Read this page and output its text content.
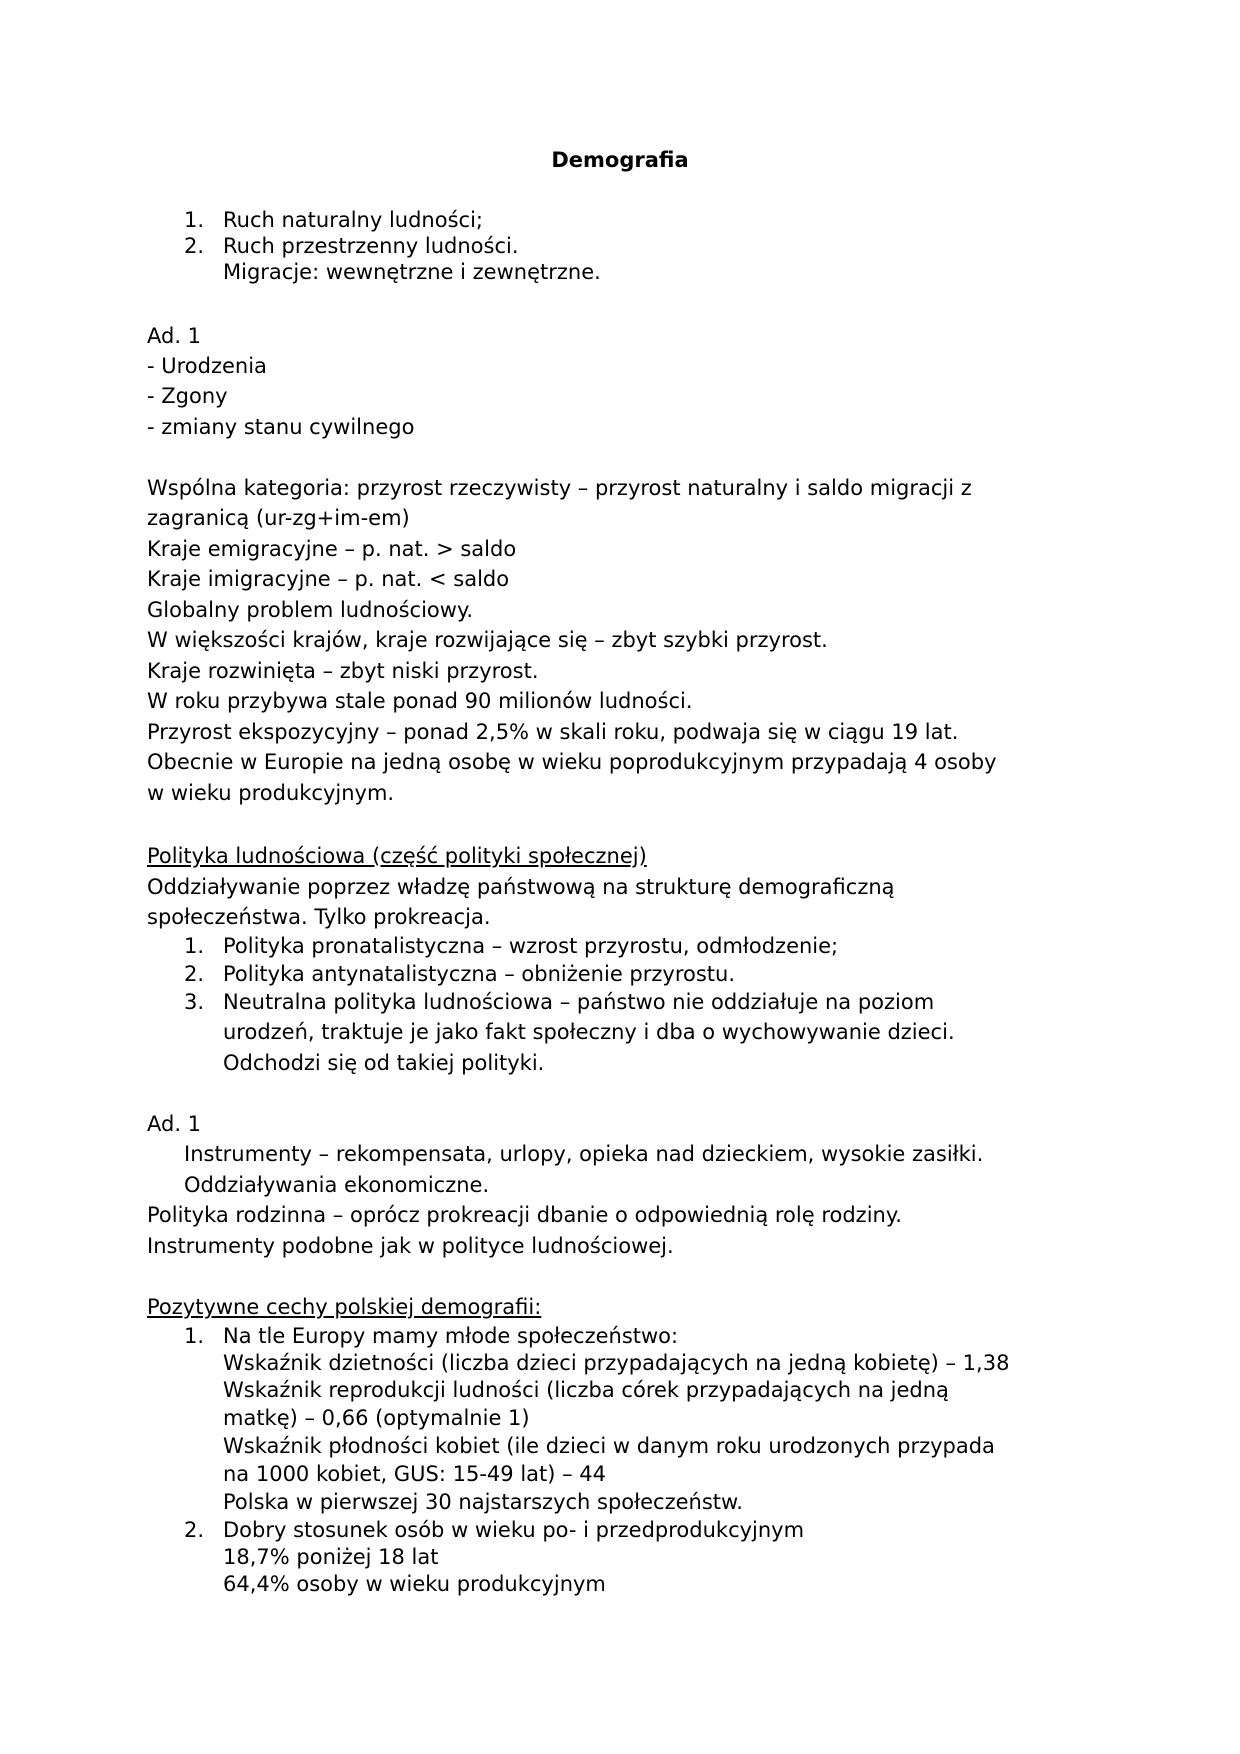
Demografia
1. Ruch naturalny ludności;
2. Ruch przestrzenny ludności.
Migracje: wewnętrzne i zewnętrzne.
Ad. 1
- Urodzenia
- Zgony
- zmiany stanu cywilnego
Wspólna kategoria: przyrost rzeczywisty – przyrost naturalny i saldo migracji z
zagranicą (ur-zg+im-em)
Kraje emigracyjne – p. nat. > saldo
Kraje imigracyjne – p. nat. < saldo
Globalny problem ludnościowy.
W większości krajów, kraje rozwijające się – zbyt szybki przyrost.
Kraje rozwinięta – zbyt niski przyrost.
W roku przybywa stale ponad 90 milionów ludności.
Przyrost ekspozycyjny – ponad 2,5% w skali roku, podwaja się w ciągu 19 lat.
Obecnie w Europie na jedną osobę w wieku poprodukcyjnym przypadają 4 osoby
w wieku produkcyjnym.
Polityka ludnościowa (część polityki społecznej)
Oddziaływanie poprzez władzę państwową na strukturę demograficzną
społeczeństwa. Tylko prokreacja.
1. Polityka pronatalistyczna – wzrost przyrostu, odmłodzenie;
2. Polityka antynatalistyczna – obniżenie przyrostu.
3. Neutralna polityka ludnościowa – państwo nie oddziałuje na poziom
urodzeń, traktuje je jako fakt społeczny i dba o wychowywanie dzieci.
Odchodzi się od takiej polityki.
Ad. 1
Instrumenty – rekompensata, urlopy, opieka nad dzieckiem, wysokie zasiłki.
Oddziaływania ekonomiczne.
Polityka rodzinna – oprócz prokreacji dbanie o odpowiednią rolę rodziny.
Instrumenty podobne jak w polityce ludnościowej.
Pozytywne cechy polskiej demografii:
1. Na tle Europy mamy młode społeczeństwo:
Wskaźnik dzietności (liczba dzieci przypadających na jedną kobietę) – 1,38
Wskaźnik reprodukcji ludności (liczba córek przypadających na jedną
matkę) – 0,66 (optymalnie 1)
Wskaźnik płodności kobiet (ile dzieci w danym roku urodzonych przypada
na 1000 kobiet, GUS: 15-49 lat) – 44
Polska w pierwszej 30 najstarszych społeczeństw.
2. Dobry stosunek osób w wieku po- i przedprodukcyjnym
18,7% poniżej 18 lat
64,4% osoby w wieku produkcyjnym
